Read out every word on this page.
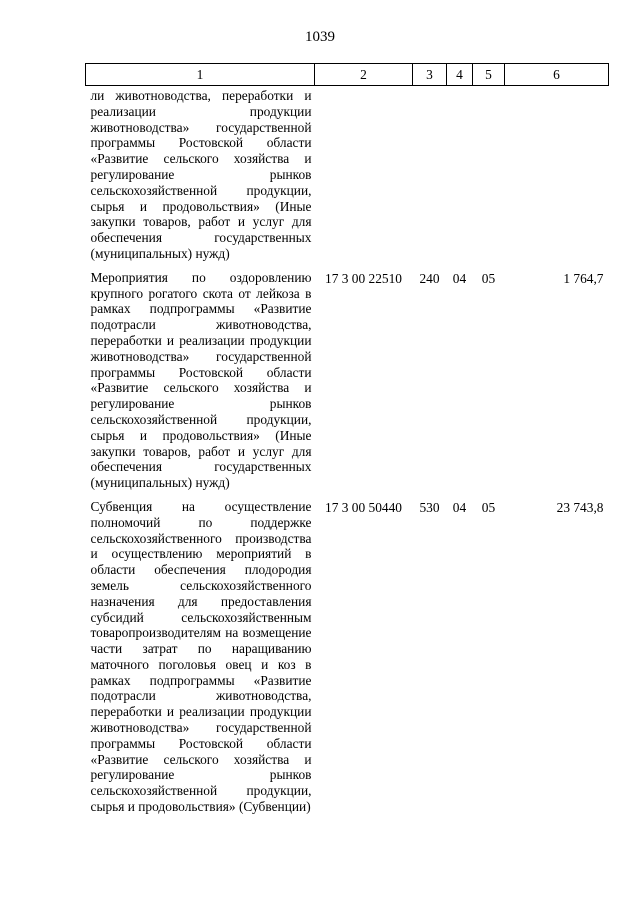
1039
1	2	3	4	5	6
ли животноводства, переработки и реализации продукции животноводства» государственной программы Ростовской области «Развитие сельского хозяйства и регулирование рынков сельскохозяйственной продукции, сырья и продовольствия» (Иные закупки товаров, работ и услуг для обеспечения государственных (муниципальных) нужд)					
Мероприятия по оздоровлению крупного рогатого скота от лейкоза в рамках подпрограммы «Развитие подотрасли животноводства, переработки и реализации продукции животноводства» государственной программы Ростовской области «Развитие сельского хозяйства и регулирование рынков сельскохозяйственной продукции, сырья и продовольствия» (Иные закупки товаров, работ и услуг для обеспечения государственных (муниципальных) нужд)	17 3 00 22510	240	04	05	1 764,7
Субвенция на осуществление полномочий по поддержке сельскохозяйственного производства и осуществлению мероприятий в области обеспечения плодородия земель сельскохозяйственного назначения для предоставления субсидий сельскохозяйственным товаропроизводителям на возмещение части затрат по наращиванию маточного поголовья овец и коз в рамках подпрограммы «Развитие подотрасли животноводства, переработки и реализации продукции животноводства» государственной программы Ростовской области «Развитие сельского хозяйства и регулирование рынков сельскохозяйственной продукции, сырья и продовольствия» (Субвенции)	17 3 00 50440	530	04	05	23 743,8
